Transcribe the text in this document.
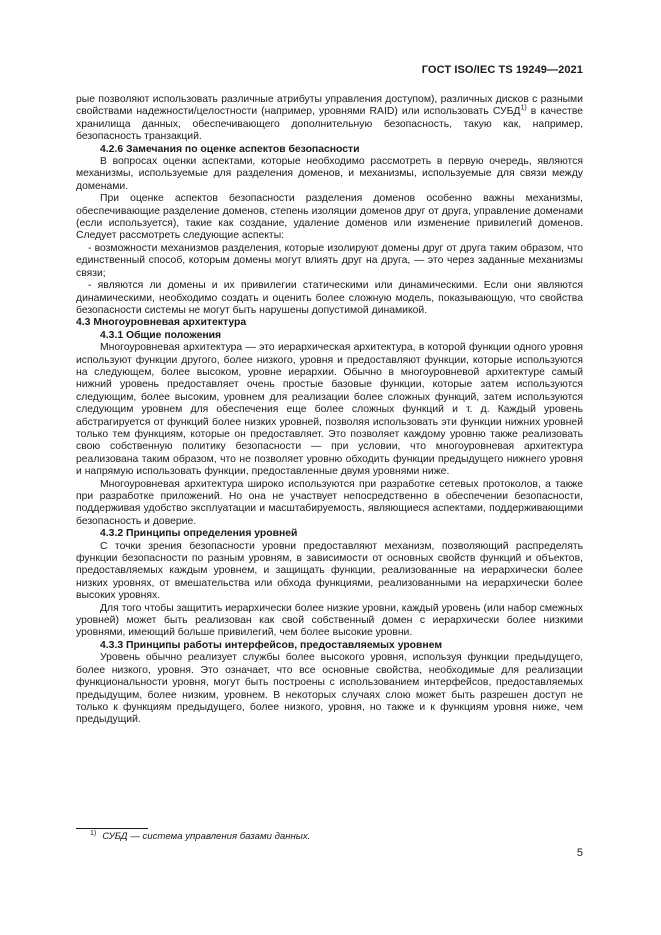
ГОСТ ISO/IEC TS 19249—2021

рые позволяют использовать различные атрибуты управления доступом), различных дисков с разными свойствами надежности/целостности (например, уровнями RAID) или использовать СУБД$^{1)}$ в качестве хранилища данных, обеспечивающего дополнительную безопасность, такую как, например, безопасность транзакций.

4.2.6 Замечания по оценке аспектов безопасности

В вопросах оценки аспектами, которые необходимо рассмотреть в первую очередь, являются механизмы, используемые для разделения доменов, и механизмы, используемые для связи между доменами.

При оценке аспектов безопасности разделения доменов особенно важны механизмы, обеспечивающие разделение доменов, степень изоляции доменов друг от друга, управление доменами (если используется), такие как создание, удаление доменов или изменение привилегий доменов. Следует рассмотреть следующие аспекты:

- возможности механизмов разделения, которые изолируют домены друг от друга таким образом, что единственный способ, которым домены могут влиять друг на друга, — это через заданные механизмы связи;

- являются ли домены и их привилегии статическими или динамическими. Если они являются динамическими, необходимо создать и оценить более сложную модель, показывающую, что свойства безопасности системы не могут быть нарушены допустимой динамикой.

4.3 Многоуровневая архитектура

4.3.1 Общие положения

Многоуровневая архитектура — это иерархическая архитектура, в которой функции одного уровня используют функции другого, более низкого, уровня и предоставляют функции, которые используются на следующем, более высоком, уровне иерархии. Обычно в многоуровневой архитектуре самый нижний уровень предоставляет очень простые базовые функции, которые затем используются следующим, более высоким, уровнем для реализации более сложных функций, затем используются следующим уровнем для обеспечения еще более сложных функций и т. д. Каждый уровень абстрагируется от функций более низких уровней, позволяя использовать эти функции нижних уровней только тем функциям, которые он предоставляет. Это позволяет каждому уровню также реализовать свою собственную политику безопасности — при условии, что многоуровневая архитектура реализована таким образом, что не позволяет уровню обходить функции предыдущего нижнего уровня и напрямую использовать функции, предоставленные двумя уровнями ниже.

Многоуровневая архитектура широко используются при разработке сетевых протоколов, а также при разработке приложений. Но она не участвует непосредственно в обеспечении безопасности, поддерживая удобство эксплуатации и масштабируемость, являющиеся аспектами, поддерживающими безопасность и доверие.

4.3.2 Принципы определения уровней

С точки зрения безопасности уровни предоставляют механизм, позволяющий распределять функции безопасности по разным уровням, в зависимости от основных свойств функций и объектов, предоставляемых каждым уровнем, и защищать функции, реализованные на иерархически более низких уровнях, от вмешательства или обхода функциями, реализованными на иерархически более высоких уровнях.

Для того чтобы защитить иерархически более низкие уровни, каждый уровень (или набор смежных уровней) может быть реализован как свой собственный домен с иерархически более низкими уровнями, имеющий больше привилегий, чем более высокие уровни.

4.3.3 Принципы работы интерфейсов, предоставляемых уровнем

Уровень обычно реализует службы более высокого уровня, используя функции предыдущего, более низкого, уровня. Это означает, что все основные свойства, необходимые для реализации функциональности уровня, могут быть построены с использованием интерфейсов, предоставляемых предыдущим, более низким, уровнем. В некоторых случаях слою может быть разрешен доступ не только к функциям предыдущего, более низкого, уровня, но также и к функциям уровня ниже, чем предыдущий.

$^{1)}$ СУБД — система управления базами данных.
5
